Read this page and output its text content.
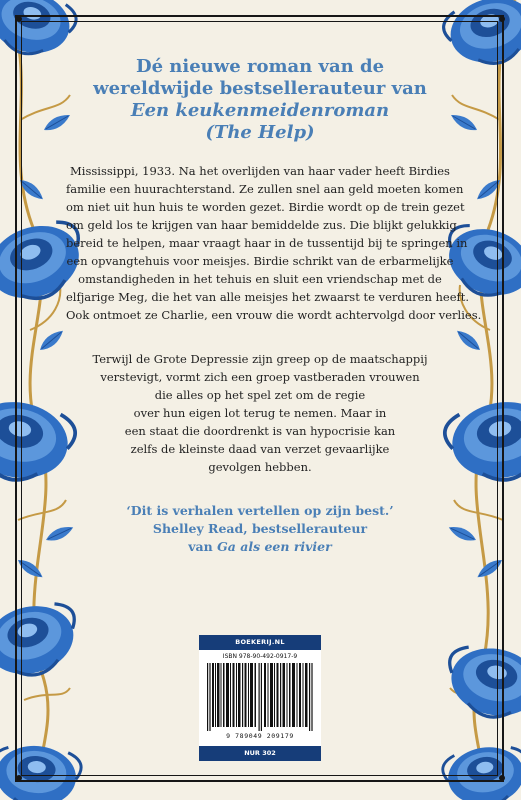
Dé nieuwe roman van de
wereldwijde bestsellerauteur van
Een keukenmeidenroman
(The Help)
Mississippi, 1933. Na het overlijden van haar vader heeft Birdies
familie een huurachterstand. Ze zullen snel aan geld moeten komen
om niet uit hun huis te worden gezet. Birdie wordt op de trein gezet
om geld los te krijgen van haar bemiddelde zus. Die blijkt gelukkig
bereid te helpen, maar vraagt haar in de tussentijd bij te springen in
een opvangtehuis voor meisjes. Birdie schrikt van de erbarmelijke
omstandigheden in het tehuis en sluit een vriendschap met de
elfjarige Meg, die het van alle meisjes het zwaarst te verduren heeft.
Ook ontmoet ze Charlie, een vrouw die wordt achtervolgd door verlies.
Terwijl de Grote Depressie zijn greep op de maatschappij
verstevigt, vormt zich een groep vastberaden vrouwen
die alles op het spel zet om de regie
over hun eigen lot terug te nemen. Maar in
een staat die doordrenkt is van hypocrisie kan
zelfs de kleinste daad van verzet gevaarlijke
gevolgen hebben.
‘Dit is verhalen vertellen op zijn best.’
Shelley Read, bestsellerauteur
van Ga als een rivier
BOEKERIJ.NL
ISBN 978-90-492-0917-9
9 789049 209179
NUR 302
